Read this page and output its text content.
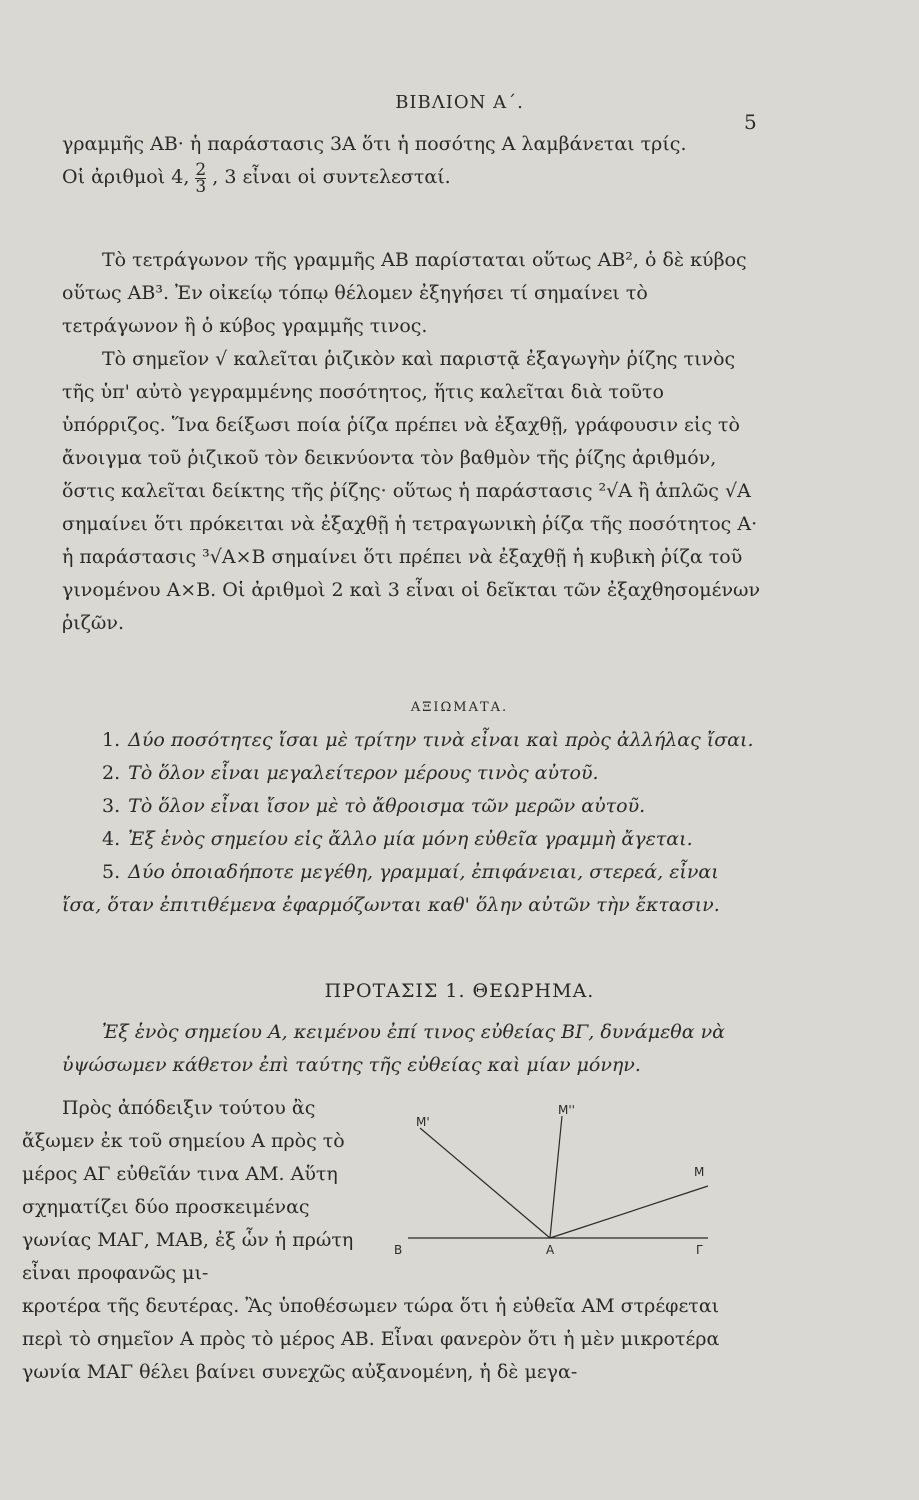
ΒΙΒΛΙΟΝ Α΄.
5

γραμμῆς ΑΒ· ἡ παράστασις 3Α ὅτι ἡ ποσότης Α λαμβάνεται τρίς.

Οἱ ἀριθμοὶ 4, $\frac{2}{3}$ , 3 εἶναι οἱ συντελεσταί.

Τὸ τετράγωνον τῆς γραμμῆς ΑΒ παρίσταται οὕτως ΑΒ², ὁ δὲ κύβος οὕτως ΑΒ³. Ἐν οἰκείῳ τόπῳ θέλομεν ἐξηγήσει τί σημαίνει τὸ τετράγωνον ἢ ὁ κύβος γραμμῆς τινος.

Τὸ σημεῖον √ καλεῖται ῥιζικὸν καὶ παριστᾷ ἐξαγωγὴν ῥίζης τινὸς τῆς ὑπ' αὐτὸ γεγραμμένης ποσότητος, ἥτις καλεῖται διὰ τοῦτο ὑπόρριζος. Ἵνα δείξωσι ποία ῥίζα πρέπει νὰ ἐξαχθῇ, γράφουσιν εἰς τὸ ἄνοιγμα τοῦ ῥιζικοῦ τὸν δεικνύοντα τὸν βαθμὸν τῆς ῥίζης ἀριθμόν, ὅστις καλεῖται δείκτης τῆς ῥίζης· οὕτως ἡ παράστασις ²√Α ἢ ἁπλῶς √Α σημαίνει ὅτι πρόκειται νὰ ἐξαχθῇ ἡ τετραγωνικὴ ῥίζα τῆς ποσότητος Α· ἡ παράστασις ³√Α×Β σημαίνει ὅτι πρέπει νὰ ἐξαχθῇ ἡ κυβικὴ ῥίζα τοῦ γινομένου Α×Β. Οἱ ἀριθμοὶ 2 καὶ 3 εἶναι οἱ δεῖκται τῶν ἐξαχθησομένων ῥιζῶν.

ΑΞΙΩΜΑΤΑ.

1. Δύο ποσότητες ἴσαι μὲ τρίτην τινὰ εἶναι καὶ πρὸς ἀλλήλας ἴσαι.

2. Τὸ ὅλον εἶναι μεγαλείτερον μέρους τινὸς αὐτοῦ.

3. Τὸ ὅλον εἶναι ἴσον μὲ τὸ ἄθροισμα τῶν μερῶν αὐτοῦ.

4. Ἐξ ἑνὸς σημείου εἰς ἄλλο μία μόνη εὐθεῖα γραμμὴ ἄγεται.

5. Δύο ὁποιαδήποτε μεγέθη, γραμμαί, ἐπιφάνειαι, στερεά, εἶναι ἴσα, ὅταν ἐπιτιθέμενα ἐφαρμόζωνται καθ' ὅλην αὐτῶν τὴν ἔκτασιν.

ΠΡΟΤΑΣΙΣ 1. ΘΕΩΡΗΜΑ.

Ἐξ ἑνὸς σημείου Α, κειμένου ἐπί τινος εὐθείας ΒΓ, δυνάμεθα νὰ ὑψώσωμεν κάθετον ἐπὶ ταύτης τῆς εὐθείας καὶ μίαν μόνην.

Πρὸς ἀπόδειξιν τούτου ἂς ἄξωμεν ἐκ τοῦ σημείου Α πρὸς τὸ μέρος ΑΓ εὐθεῖάν τινα ΑΜ. Αὕτη σχηματίζει δύο προσκειμένας γωνίας ΜΑΓ, ΜΑΒ, ἐξ ὧν ἡ πρώτη εἶναι προφανῶς μι-

Μ'
Μ''
Μ
Β	Α	Γ

κροτέρα τῆς δευτέρας. Ἂς ὑποθέσωμεν τώρα ὅτι ἡ εὐθεῖα ΑΜ στρέφεται περὶ τὸ σημεῖον Α πρὸς τὸ μέρος ΑΒ. Εἶναι φανερὸν ὅτι ἡ μὲν μικροτέρα γωνία ΜΑΓ θέλει βαίνει συνεχῶς αὐξανομένη, ἡ δὲ μεγα-
